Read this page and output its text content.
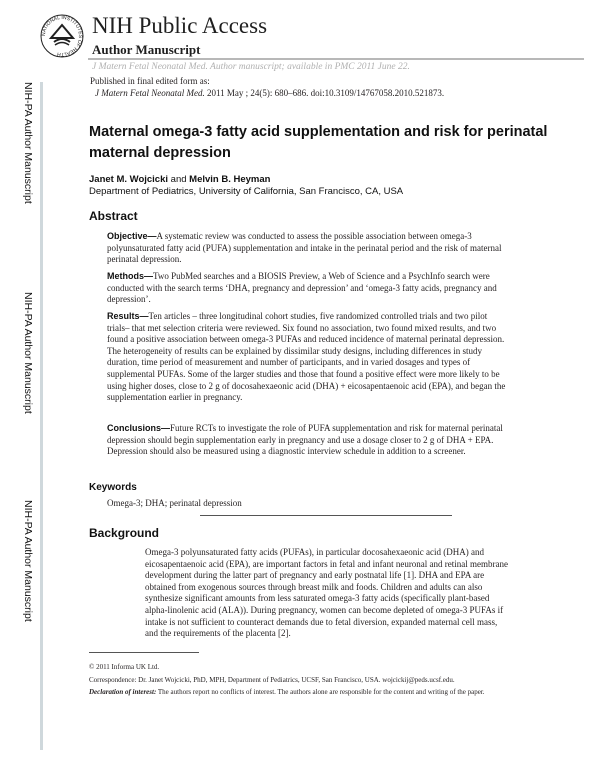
NATIONAL INSTITUTES OF HEALTH
NIH Public Access
Author Manuscript
J Matern Fetal Neonatal Med. Author manuscript; available in PMC 2011 June 22.
NIH-PA Author Manuscript
NIH-PA Author Manuscript
NIH-PA Author Manuscript
Published in final edited form as:
J Matern Fetal Neonatal Med. 2011 May ; 24(5): 680–686. doi:10.3109/14767058.2010.521873.
Maternal omega-3 fatty acid supplementation and risk for perinatal maternal depression
Janet M. Wojcicki and Melvin B. Heyman
Department of Pediatrics, University of California, San Francisco, CA, USA
Abstract
Objective—A systematic review was conducted to assess the possible association between omega-3 polyunsaturated fatty acid (PUFA) supplementation and intake in the perinatal period and the risk of maternal perinatal depression.
Methods—Two PubMed searches and a BIOSIS Preview, a Web of Science and a PsychInfo search were conducted with the search terms ‘DHA, pregnancy and depression’ and ‘omega-3 fatty acids, pregnancy and depression’.
Results—Ten articles – three longitudinal cohort studies, five randomized controlled trials and two pilot trials– that met selection criteria were reviewed. Six found no association, two found mixed results, and two found a positive association between omega-3 PUFAs and reduced incidence of maternal perinatal depression. The heterogeneity of results can be explained by dissimilar study designs, including differences in study duration, time period of measurement and number of participants, and in varied dosages and types of supplemental PUFAs. Some of the larger studies and those that found a positive effect were more likely to be using higher doses, close to 2 g of docosahexaeonic acid (DHA) + eicosapentaenoic acid (EPA), and began the supplementation earlier in pregnancy.
Conclusions—Future RCTs to investigate the role of PUFA supplementation and risk for maternal perinatal depression should begin supplementation early in pregnancy and use a dosage closer to 2 g of DHA + EPA. Depression should also be measured using a diagnostic interview schedule in addition to a screener.
Keywords
Omega-3; DHA; perinatal depression
Background
Omega-3 polyunsaturated fatty acids (PUFAs), in particular docosahexaeonic acid (DHA) and eicosapentaenoic acid (EPA), are important factors in fetal and infant neuronal and retinal membrane development during the latter part of pregnancy and early postnatal life [1]. DHA and EPA are obtained from exogenous sources through breast milk and foods. Children and adults can also synthesize significant amounts from less saturated omega-3 fatty acids (specifically plant-based alpha-linolenic acid (ALA)). During pregnancy, women can become depleted of omega-3 PUFAs if intake is not sufficient to counteract demands due to fetal diversion, expanded maternal cell mass, and the requirements of the placenta [2].
© 2011 Informa UK Ltd.
Correspondence: Dr. Janet Wojcicki, PhD, MPH, Department of Pediatrics, UCSF, San Francisco, USA. wojcickij@peds.ucsf.edu.
Declaration of interest: The authors report no conflicts of interest. The authors alone are responsible for the content and writing of the paper.
